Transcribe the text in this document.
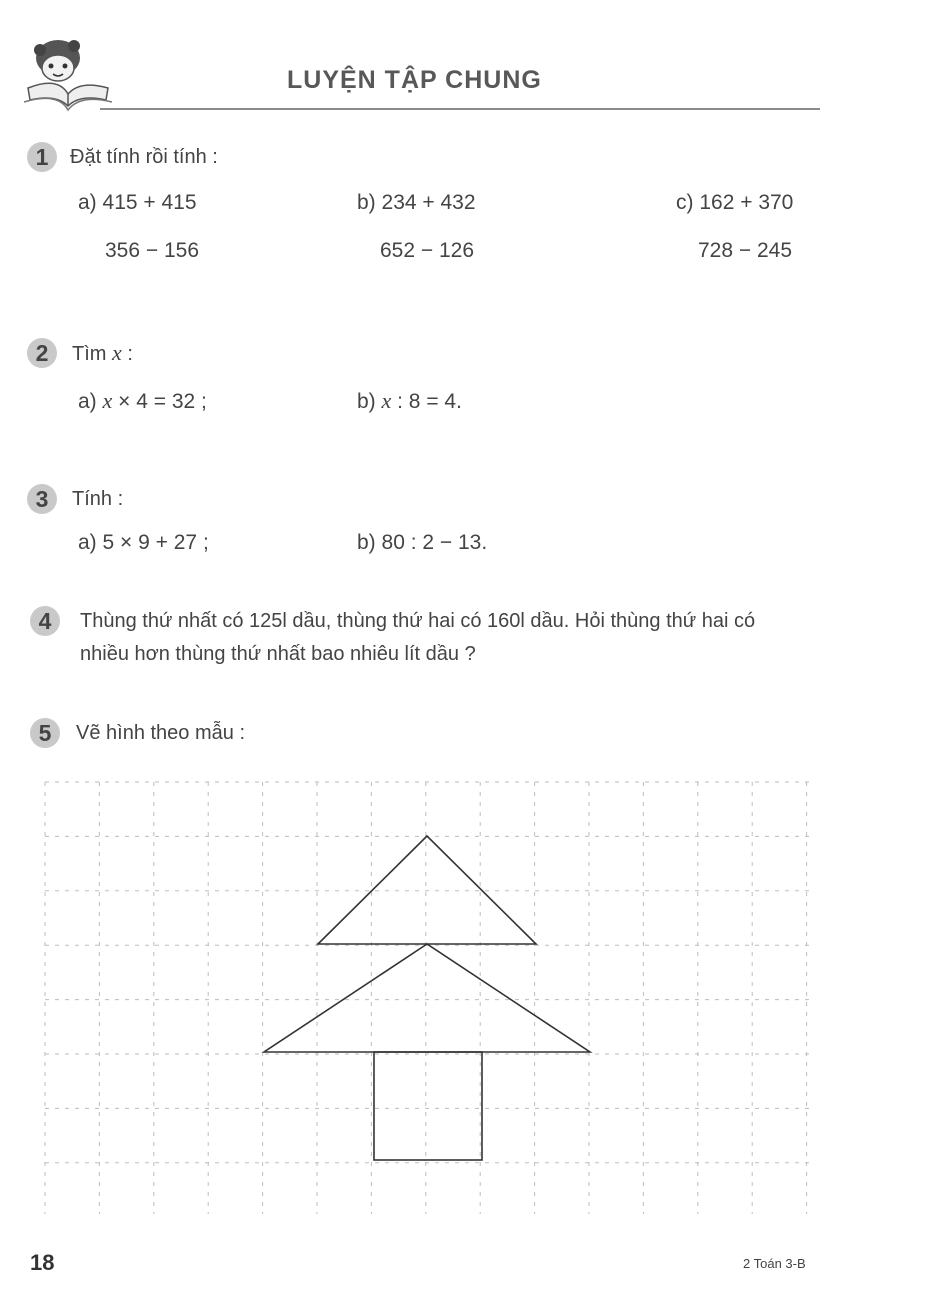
LUYỆN TẬP CHUNG
1	Đặt tính rồi tính :
a) 415 + 415
356 − 156
b) 234 + 432
652 − 126
c) 162 + 370
728 − 245
2	Tìm x :
a) x × 4 = 32 ;	b) x : 8 = 4.
3	Tính :
a) 5 × 9 + 27 ;	b) 80 : 2 − 13.
4	Thùng thứ nhất có 125l dầu, thùng thứ hai có 160l dầu. Hỏi thùng thứ hai có
nhiều hơn thùng thứ nhất bao nhiêu lít dầu ?
5	Vẽ hình theo mẫu :
18	2 Toán 3-B
